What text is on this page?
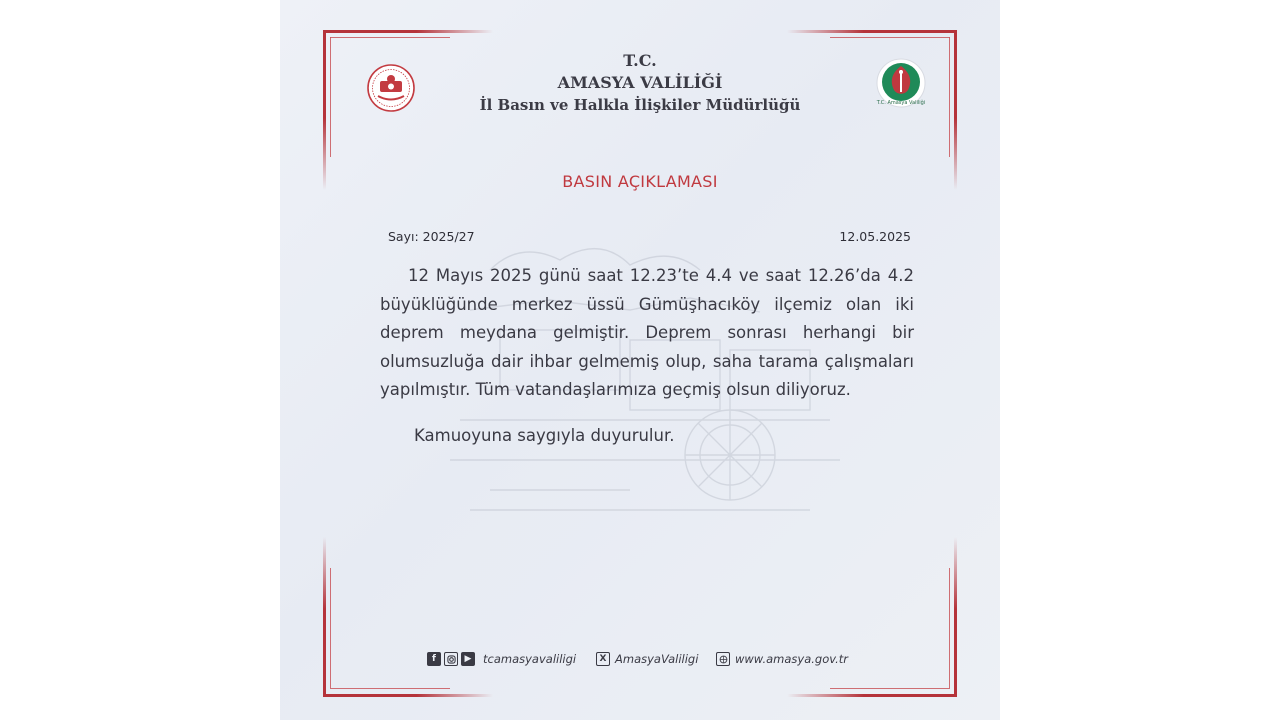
T.C. Amasya Valiliği
T.C.
AMASYA VALİLİĞİ
İl Basın ve Halkla İlişkiler Müdürlüğü
BASIN AÇIKLAMASI
Sayı: 2025/27	12.05.2025

12 Mayıs 2025 günü saat 12.23’te 4.4 ve saat 12.26’da 4.2 büyüklüğünde merkez üssü Gümüşhacıköy ilçemiz olan iki deprem meydana gelmiştir. Deprem sonrası herhangi bir olumsuzluğa dair ihbar gelmemiş olup, saha tarama çalışmaları yapılmıştır. Tüm vatandaşlarımıza geçmiş olsun diliyoruz.

Kamuoyuna saygıyla duyurulur.
f	▶	tcamasyavaliligi	X AmasyaValiligi	www.amasya.gov.tr
